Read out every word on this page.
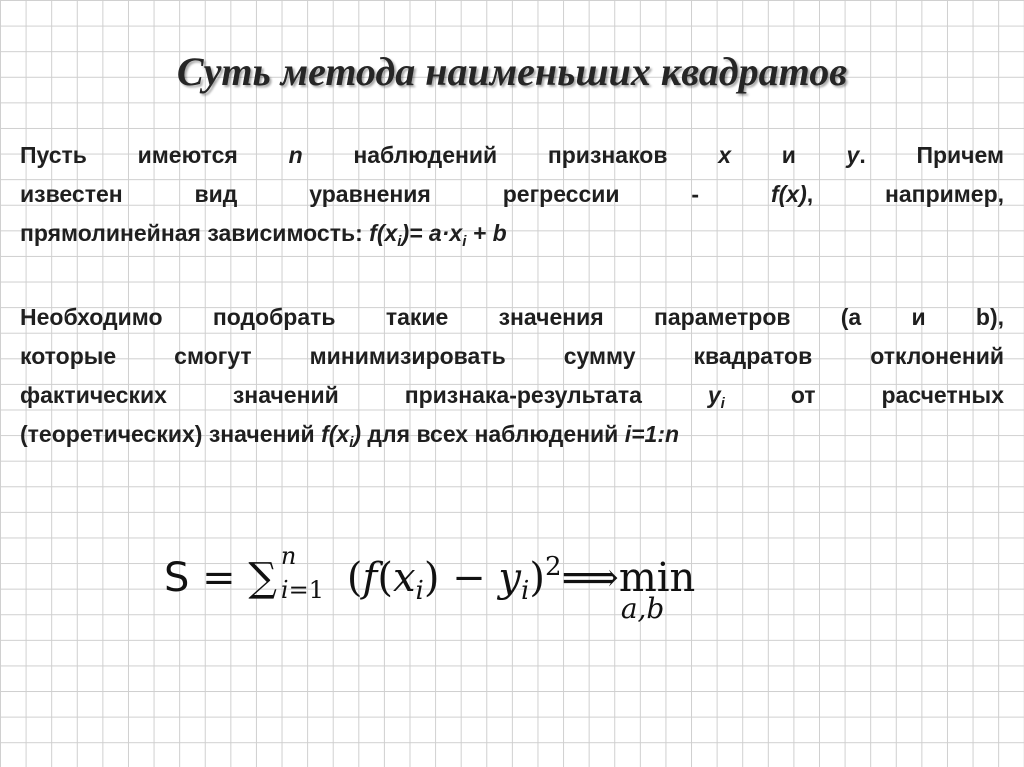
Суть метода наименьших квадратов
Пусть имеются n наблюдений признаков x и y. Причем
известен вид уравнения регрессии - f(x), например,
прямолинейная зависимость: $f(x_i)= a\cdot x_i + b$
Необходимо подобрать такие значения параметров (a и b),
которые смогут минимизировать сумму квадратов отклонений
фактических значений признака-результата $y_i$ от расчетных
(теоретических) значений $f(x_i)$ для всех наблюдений i=1:n
S = ∑ n
i=1 ($f(x_i)$ − $y_i)^2⟹\min$
a,b
